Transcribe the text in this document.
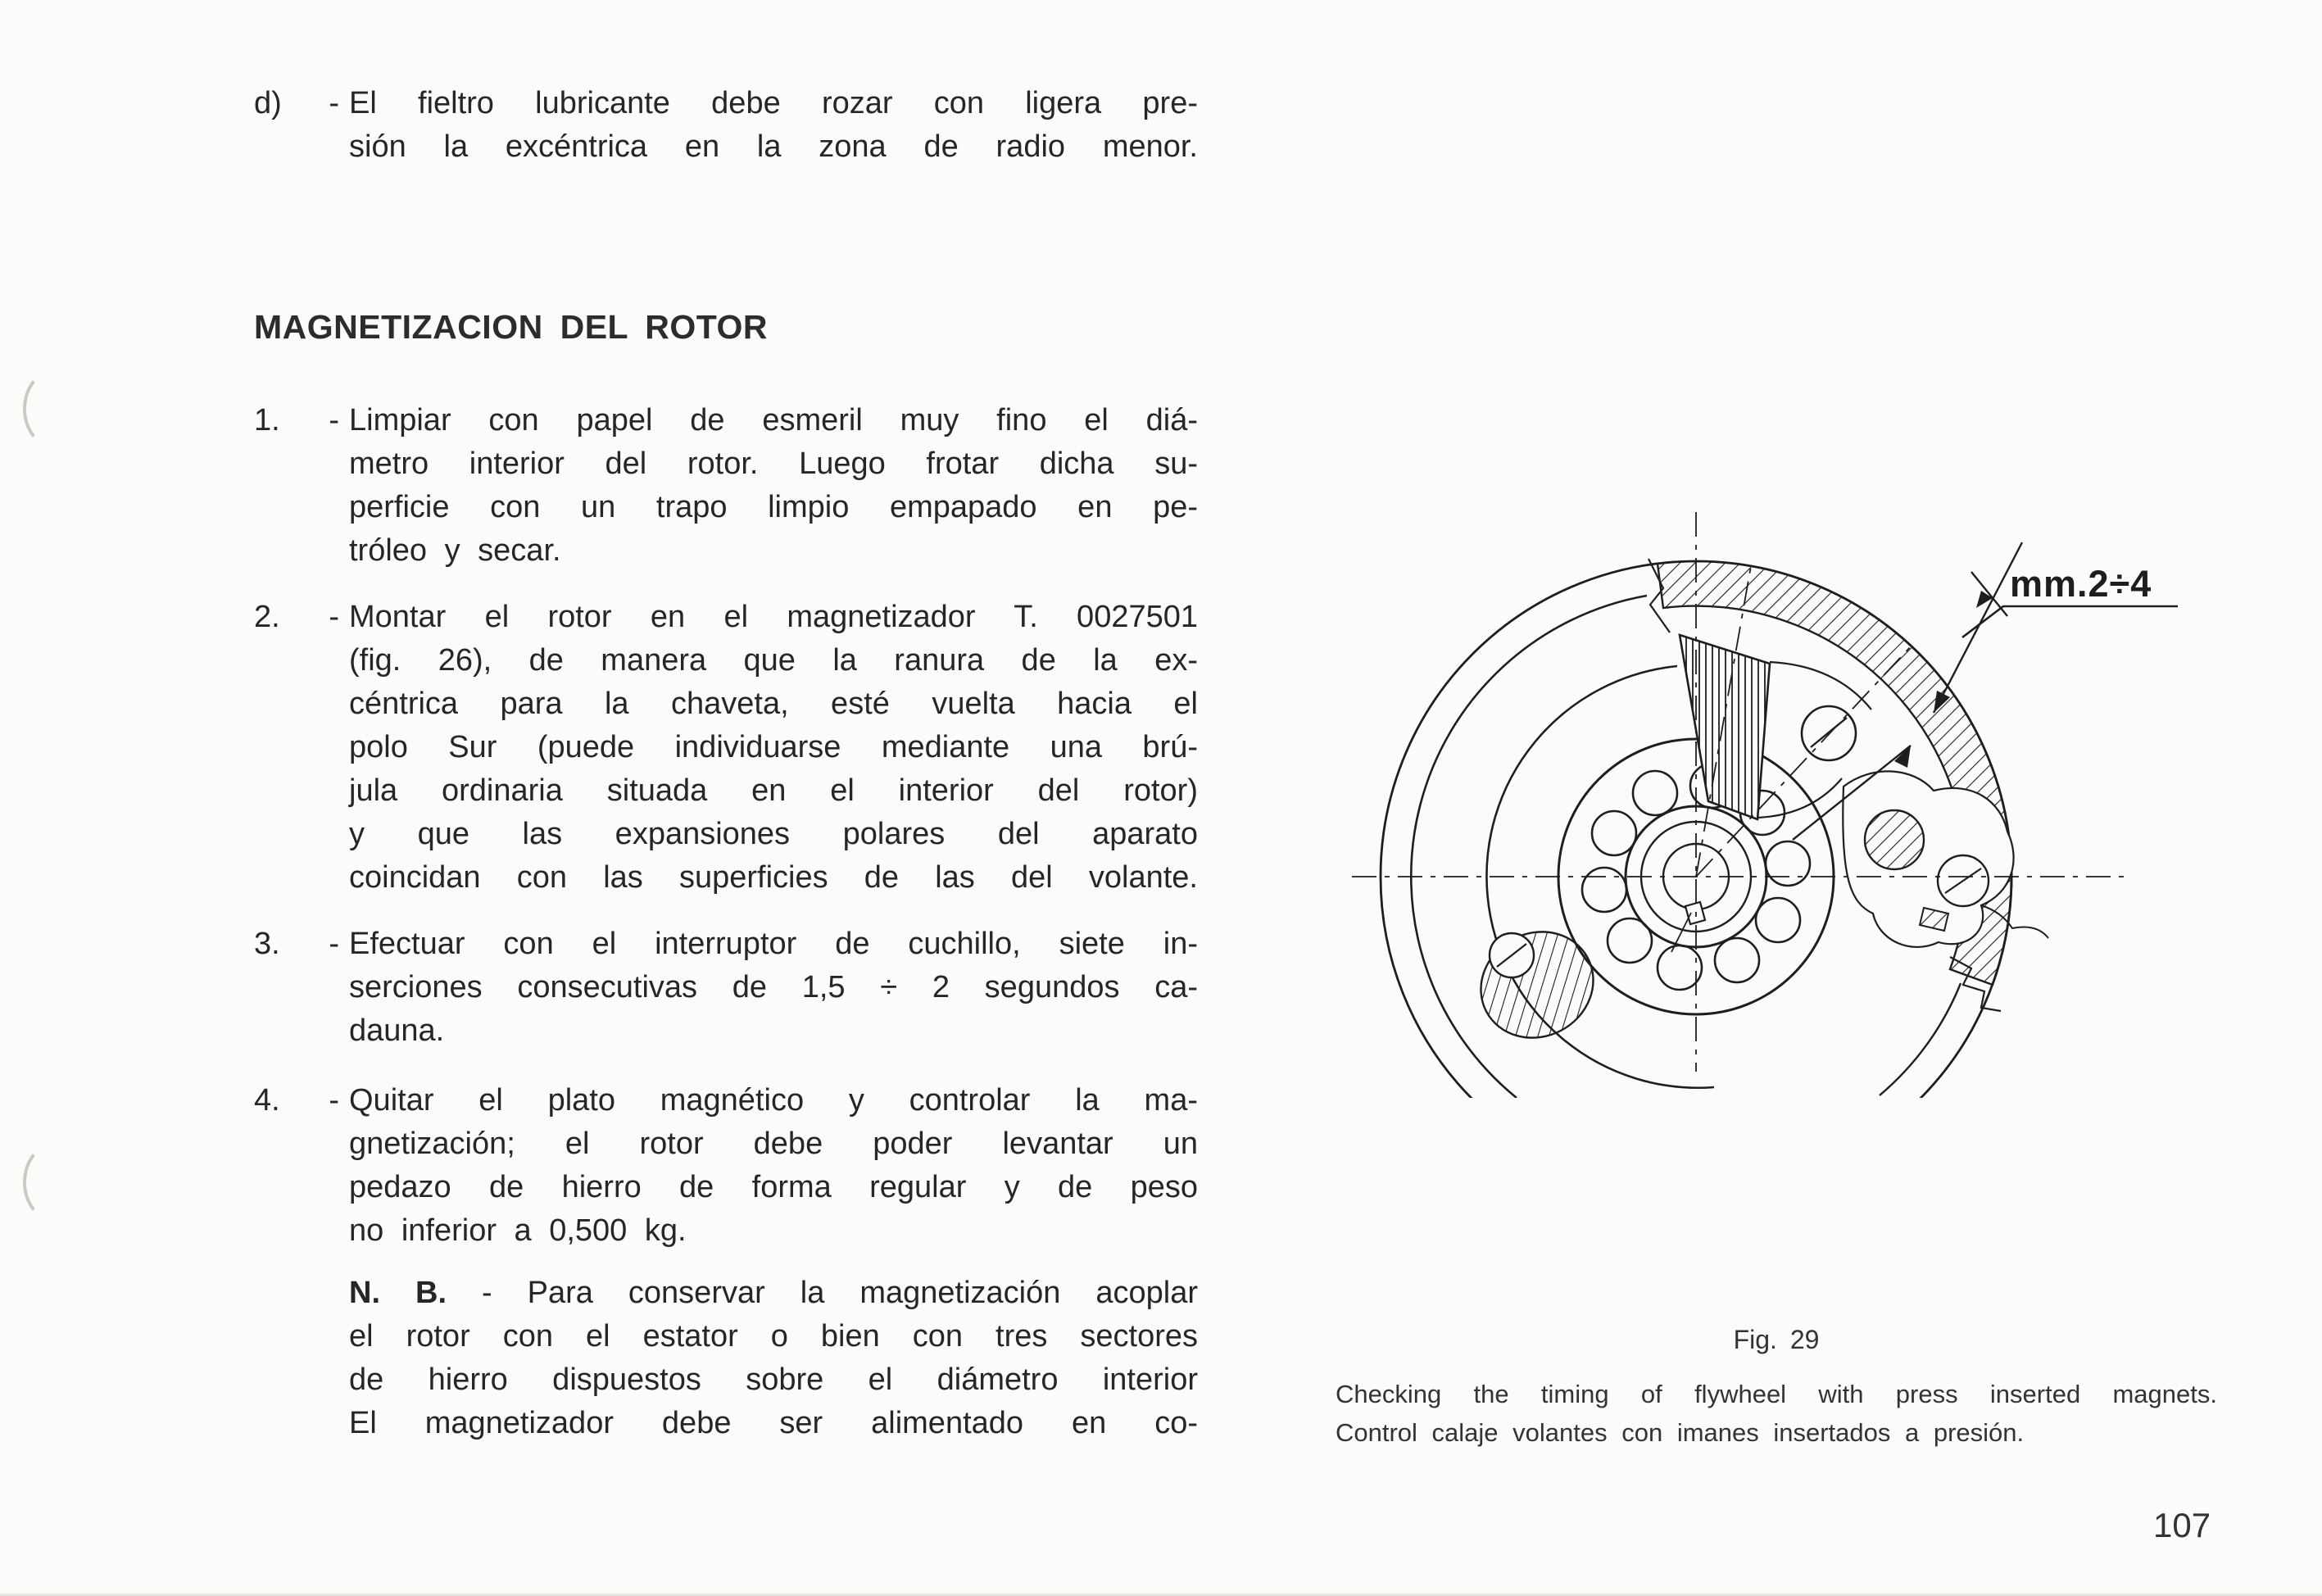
d) - El fieltro lubricante debe rozar con ligera pre-
sión la excéntrica en la zona de radio menor.
MAGNETIZACION DEL ROTOR
1. - Limpiar con papel de esmeril muy fino el diá-
metro interior del rotor. Luego frotar dicha su-
perficie con un trapo limpio empapado en pe-
tróleo y secar.
2. - Montar el rotor en el magnetizador T. 0027501
(fig. 26), de manera que la ranura de la ex-
céntrica para la chaveta, esté vuelta hacia el
polo Sur (puede individuarse mediante una brú-
jula ordinaria situada en el interior del rotor)
y que las expansiones polares del aparato
coincidan con las superficies de las del volante.
3. - Efectuar con el interruptor de cuchillo, siete in-
serciones consecutivas de 1,5 ÷ 2 segundos ca-
dauna.
4. - Quitar el plato magnético y controlar la ma-
gnetización; el rotor debe poder levantar un
pedazo de hierro de forma regular y de peso
no inferior a 0,500 kg.
N. B. - Para conservar la magnetización acoplar
el rotor con el estator o bien con tres sectores
de hierro dispuestos sobre el diámetro interior
El magnetizador debe ser alimentado en co-
mm.2÷4
Fig. 29
Checking the timing of flywheel with press inserted magnets.
Control calaje volantes con imanes insertados a presión.
107
